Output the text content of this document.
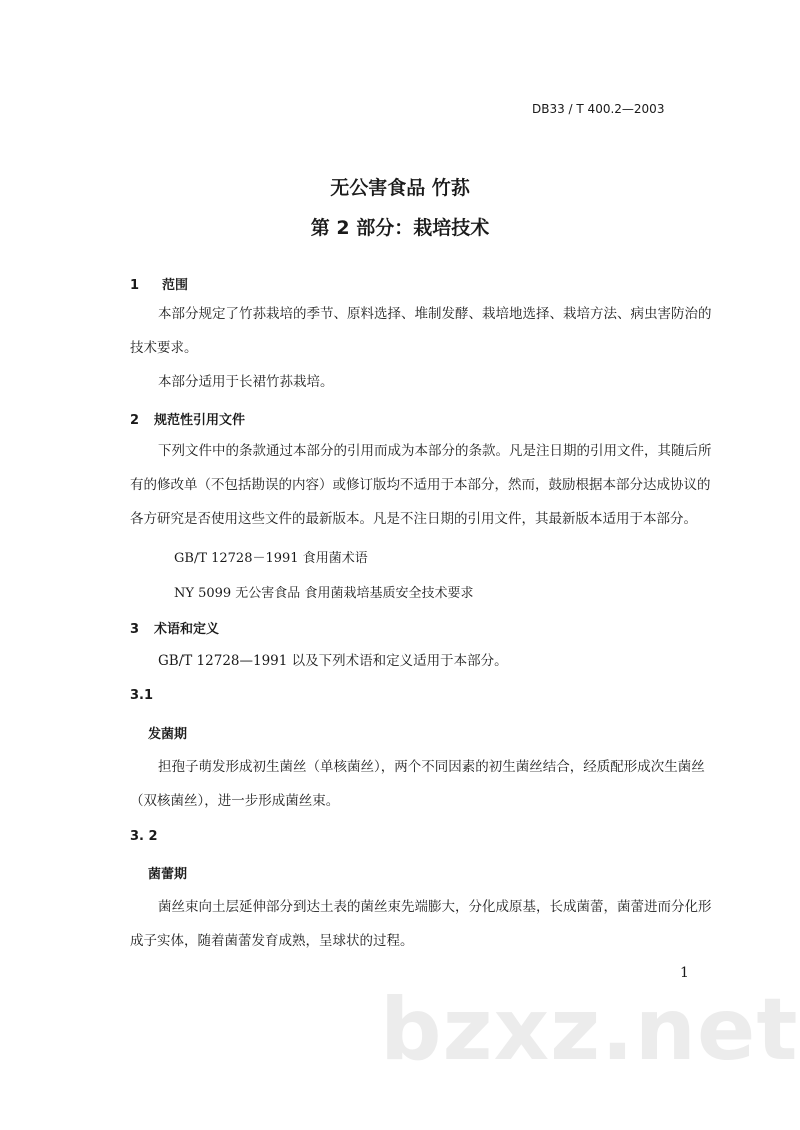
DB33 / T 400.2—2003
无公害食品 竹荪
第 2 部分：栽培技术
1 范围
本部分规定了竹荪栽培的季节、原料选择、堆制发酵、栽培地选择、栽培方法、病虫害防治的技术要求。
本部分适用于长裙竹荪栽培。
2 规范性引用文件
下列文件中的条款通过本部分的引用而成为本部分的条款。凡是注日期的引用文件，其随后所有的修改单（不包括勘误的内容）或修订版均不适用于本部分，然而，鼓励根据本部分达成协议的各方研究是否使用这些文件的最新版本。凡是不注日期的引用文件，其最新版本适用于本部分。
GB/T 12728－1991 食用菌术语
NY 5099 无公害食品 食用菌栽培基质安全技术要求
3 术语和定义
GB/T 12728—1991 以及下列术语和定义适用于本部分。
3.1
发菌期
担孢子萌发形成初生菌丝（单核菌丝），两个不同因素的初生菌丝结合，经质配形成次生菌丝（双核菌丝），进一步形成菌丝束。
3. 2
菌蕾期
菌丝束向土层延伸部分到达土表的菌丝束先端膨大，分化成原基，长成菌蕾，菌蕾进而分化形成子实体，随着菌蕾发育成熟，呈球状的过程。
1
bzxz.net
